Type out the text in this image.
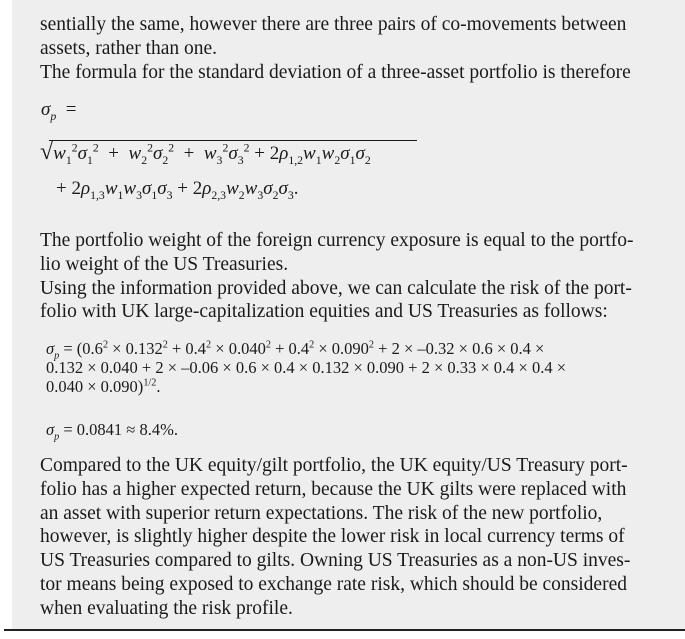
sentially the same, however there are three pairs of co-movements between
assets, rather than one.
The formula for the standard deviation of a three-asset portfolio is therefore
$\sigma_p$  =
$√w_1^2\sigma_1^2 + w_2^2\sigma_2^2 + w_3^2\sigma_3^2 + 2\rho_{1,2}w_1w_2\sigma_1\sigma_2$
+ $2\rho_{1,3}w_1w_3\sigma_1\sigma_3 + 2\rho_{2,3}w_2w_3\sigma_2\sigma_3$.
The portfolio weight of the foreign currency exposure is equal to the portfo-
lio weight of the US Treasuries.
Using the information provided above, we can calculate the risk of the port-
folio with UK large-capitalization equities and US Treasuries as follows:
$\sigma_p = (0.6^2 \times 0.132^2 + 0.4^2 \times 0.040^2 + 0.4^2 \times 0.090^2 + 2 \times -0.32 \times 0.6 \times 0.4$ ×
0.132 × 0.040 + 2 × –0.06 × 0.6 × 0.4 × 0.132 × 0.090 + 2 × 0.33 × 0.4 × 0.4 ×
0.040 × 0.090)$^{1/2}$.
$\sigma_p = 0.0841 \approx 8.4\%$.
Compared to the UK equity/gilt portfolio, the UK equity/US Treasury port-
folio has a higher expected return, because the UK gilts were replaced with
an asset with superior return expectations. The risk of the new portfolio,
however, is slightly higher despite the lower risk in local currency terms of
US Treasuries compared to gilts. Owning US Treasuries as a non-US inves-
tor means being exposed to exchange rate risk, which should be considered
when evaluating the risk profile.
